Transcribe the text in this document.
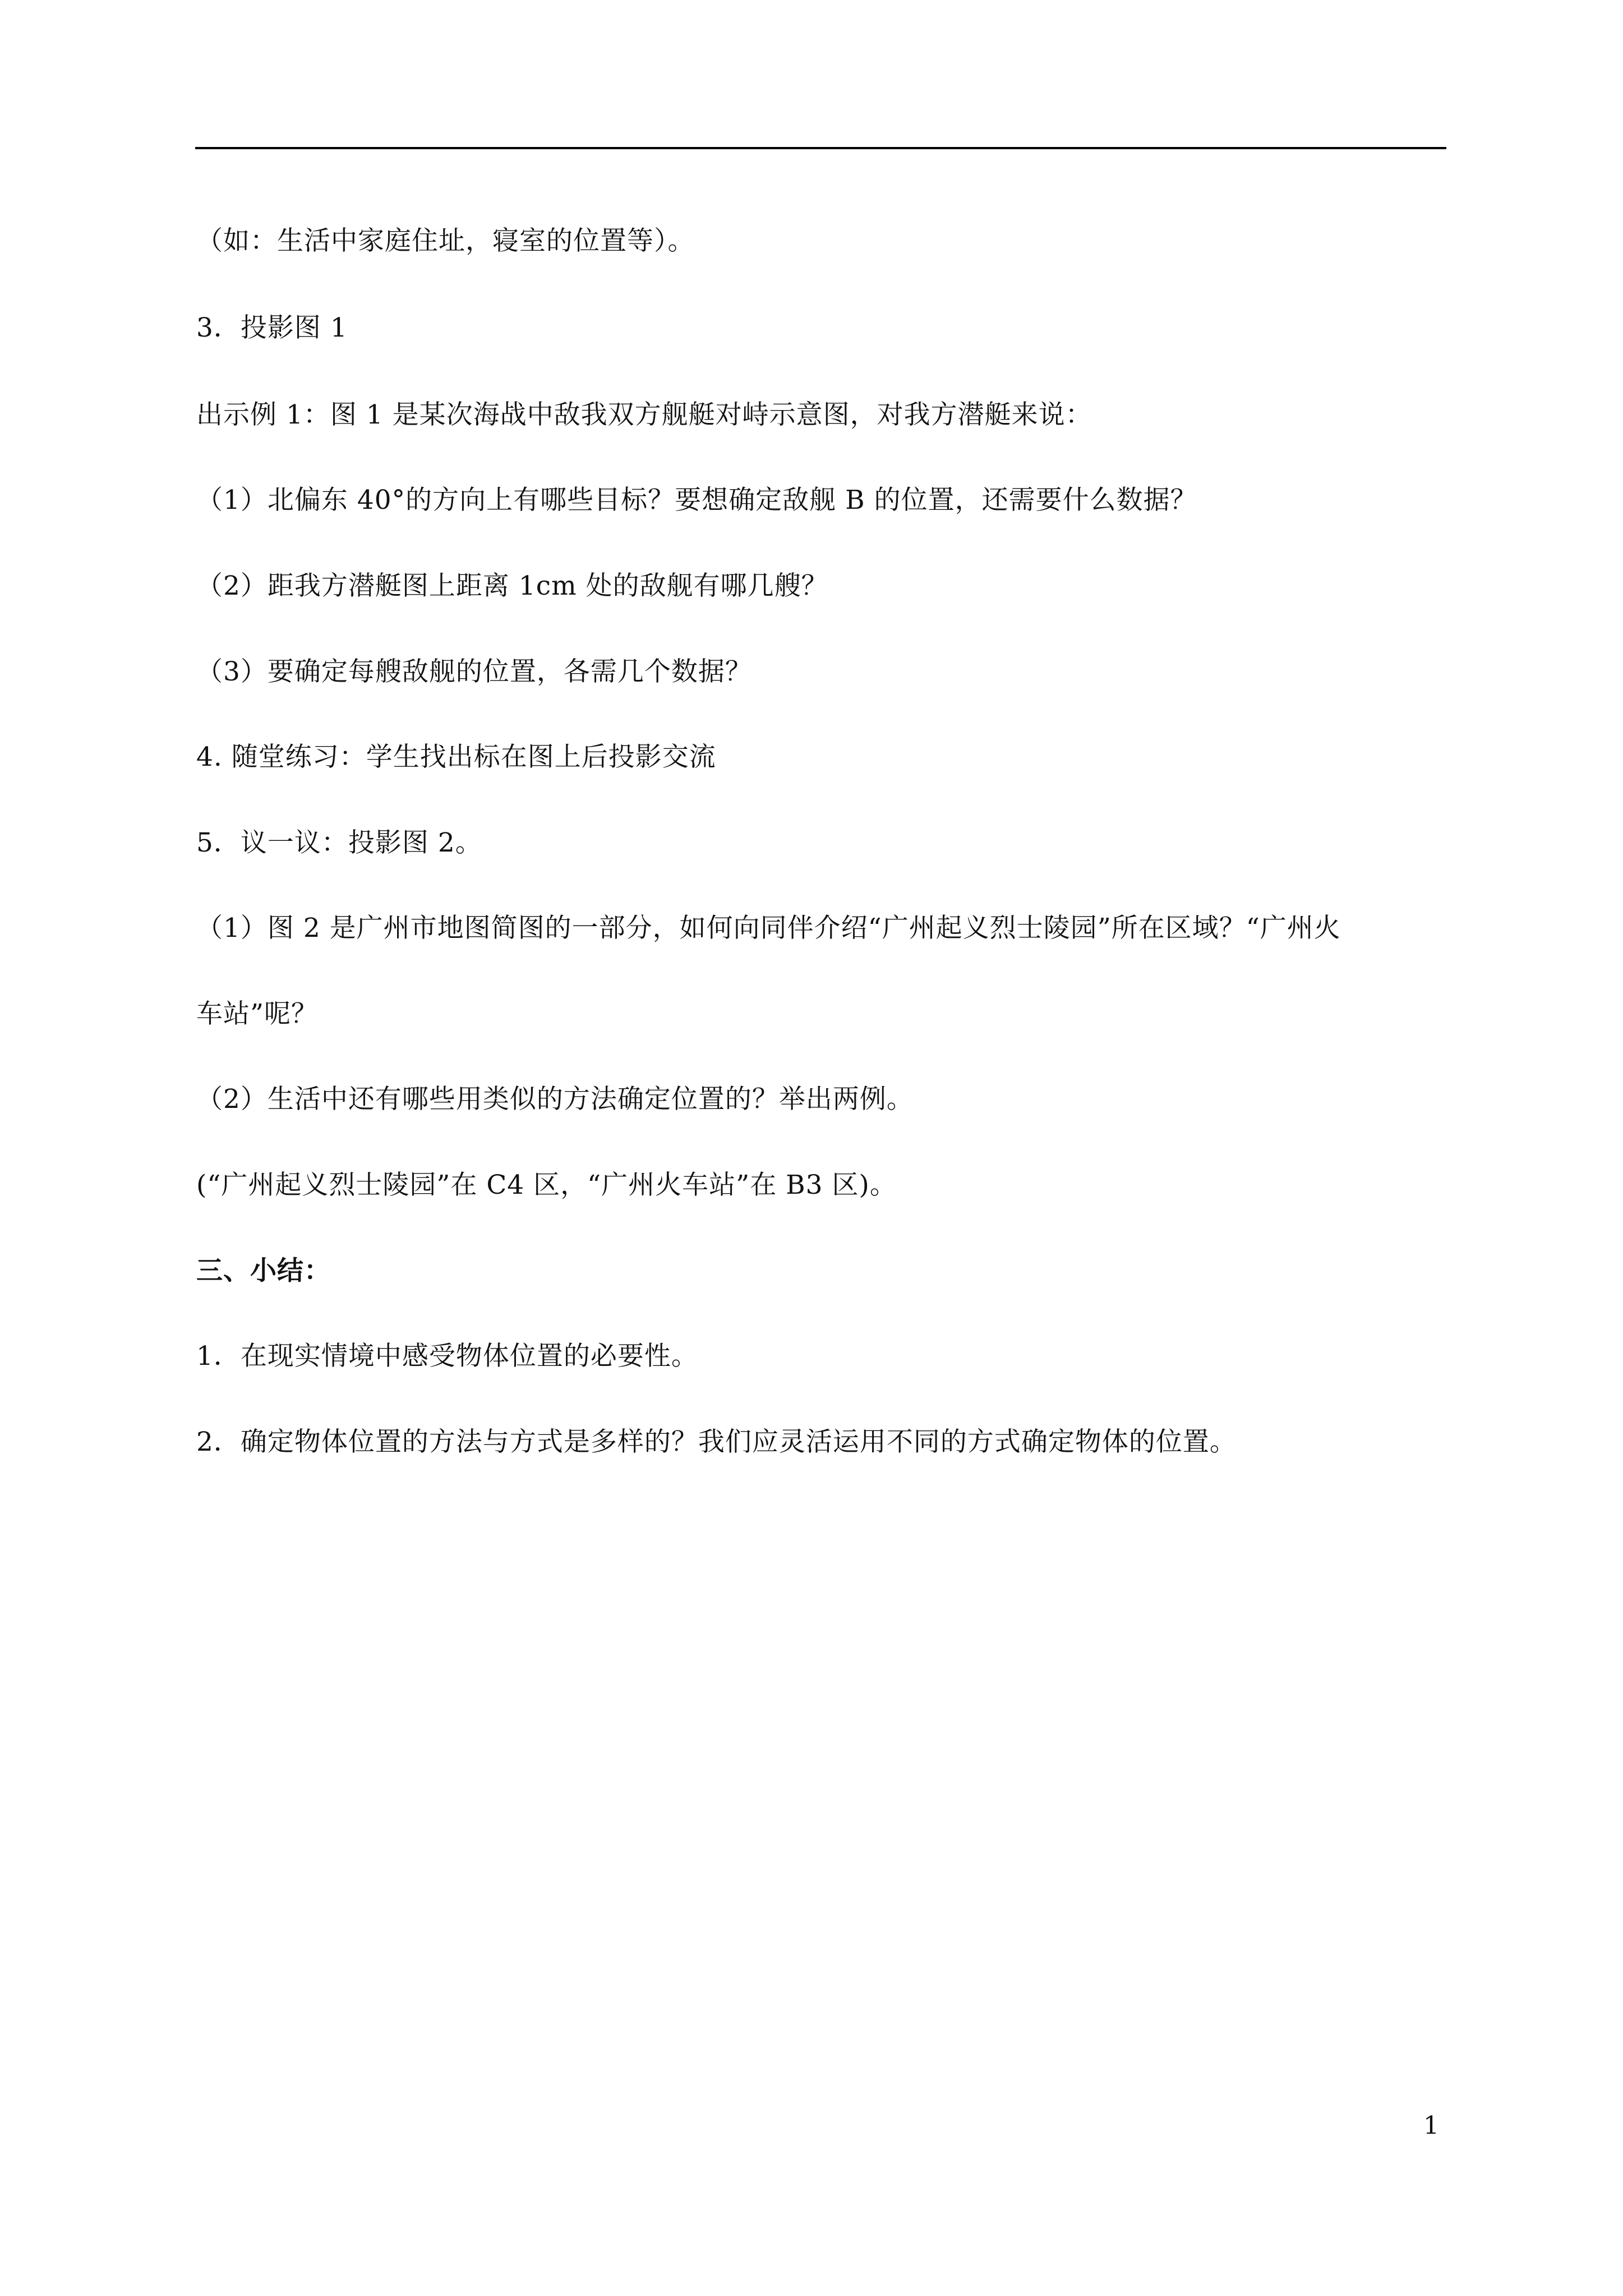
（如：生活中家庭住址，寝室的位置等）。
3．投影图 1
出示例 1：图 1 是某次海战中敌我双方舰艇对峙示意图，对我方潜艇来说：
（1）北偏东 40°的方向上有哪些目标？要想确定敌舰 B 的位置，还需要什么数据？
（2）距我方潜艇图上距离 1cm 处的敌舰有哪几艘？
（3）要确定每艘敌舰的位置，各需几个数据？
4. 随堂练习：学生找出标在图上后投影交流
5．议一议：投影图 2。
（1）图 2 是广州市地图简图的一部分，如何向同伴介绍“广州起义烈士陵园”所在区域？“广州火
车站”呢？
（2）生活中还有哪些用类似的方法确定位置的？举出两例。
(“广州起义烈士陵园”在 C4 区，“广州火车站”在 B3 区)。
三、小结：
1．在现实情境中感受物体位置的必要性。
2．确定物体位置的方法与方式是多样的？我们应灵活运用不同的方式确定物体的位置。
1
